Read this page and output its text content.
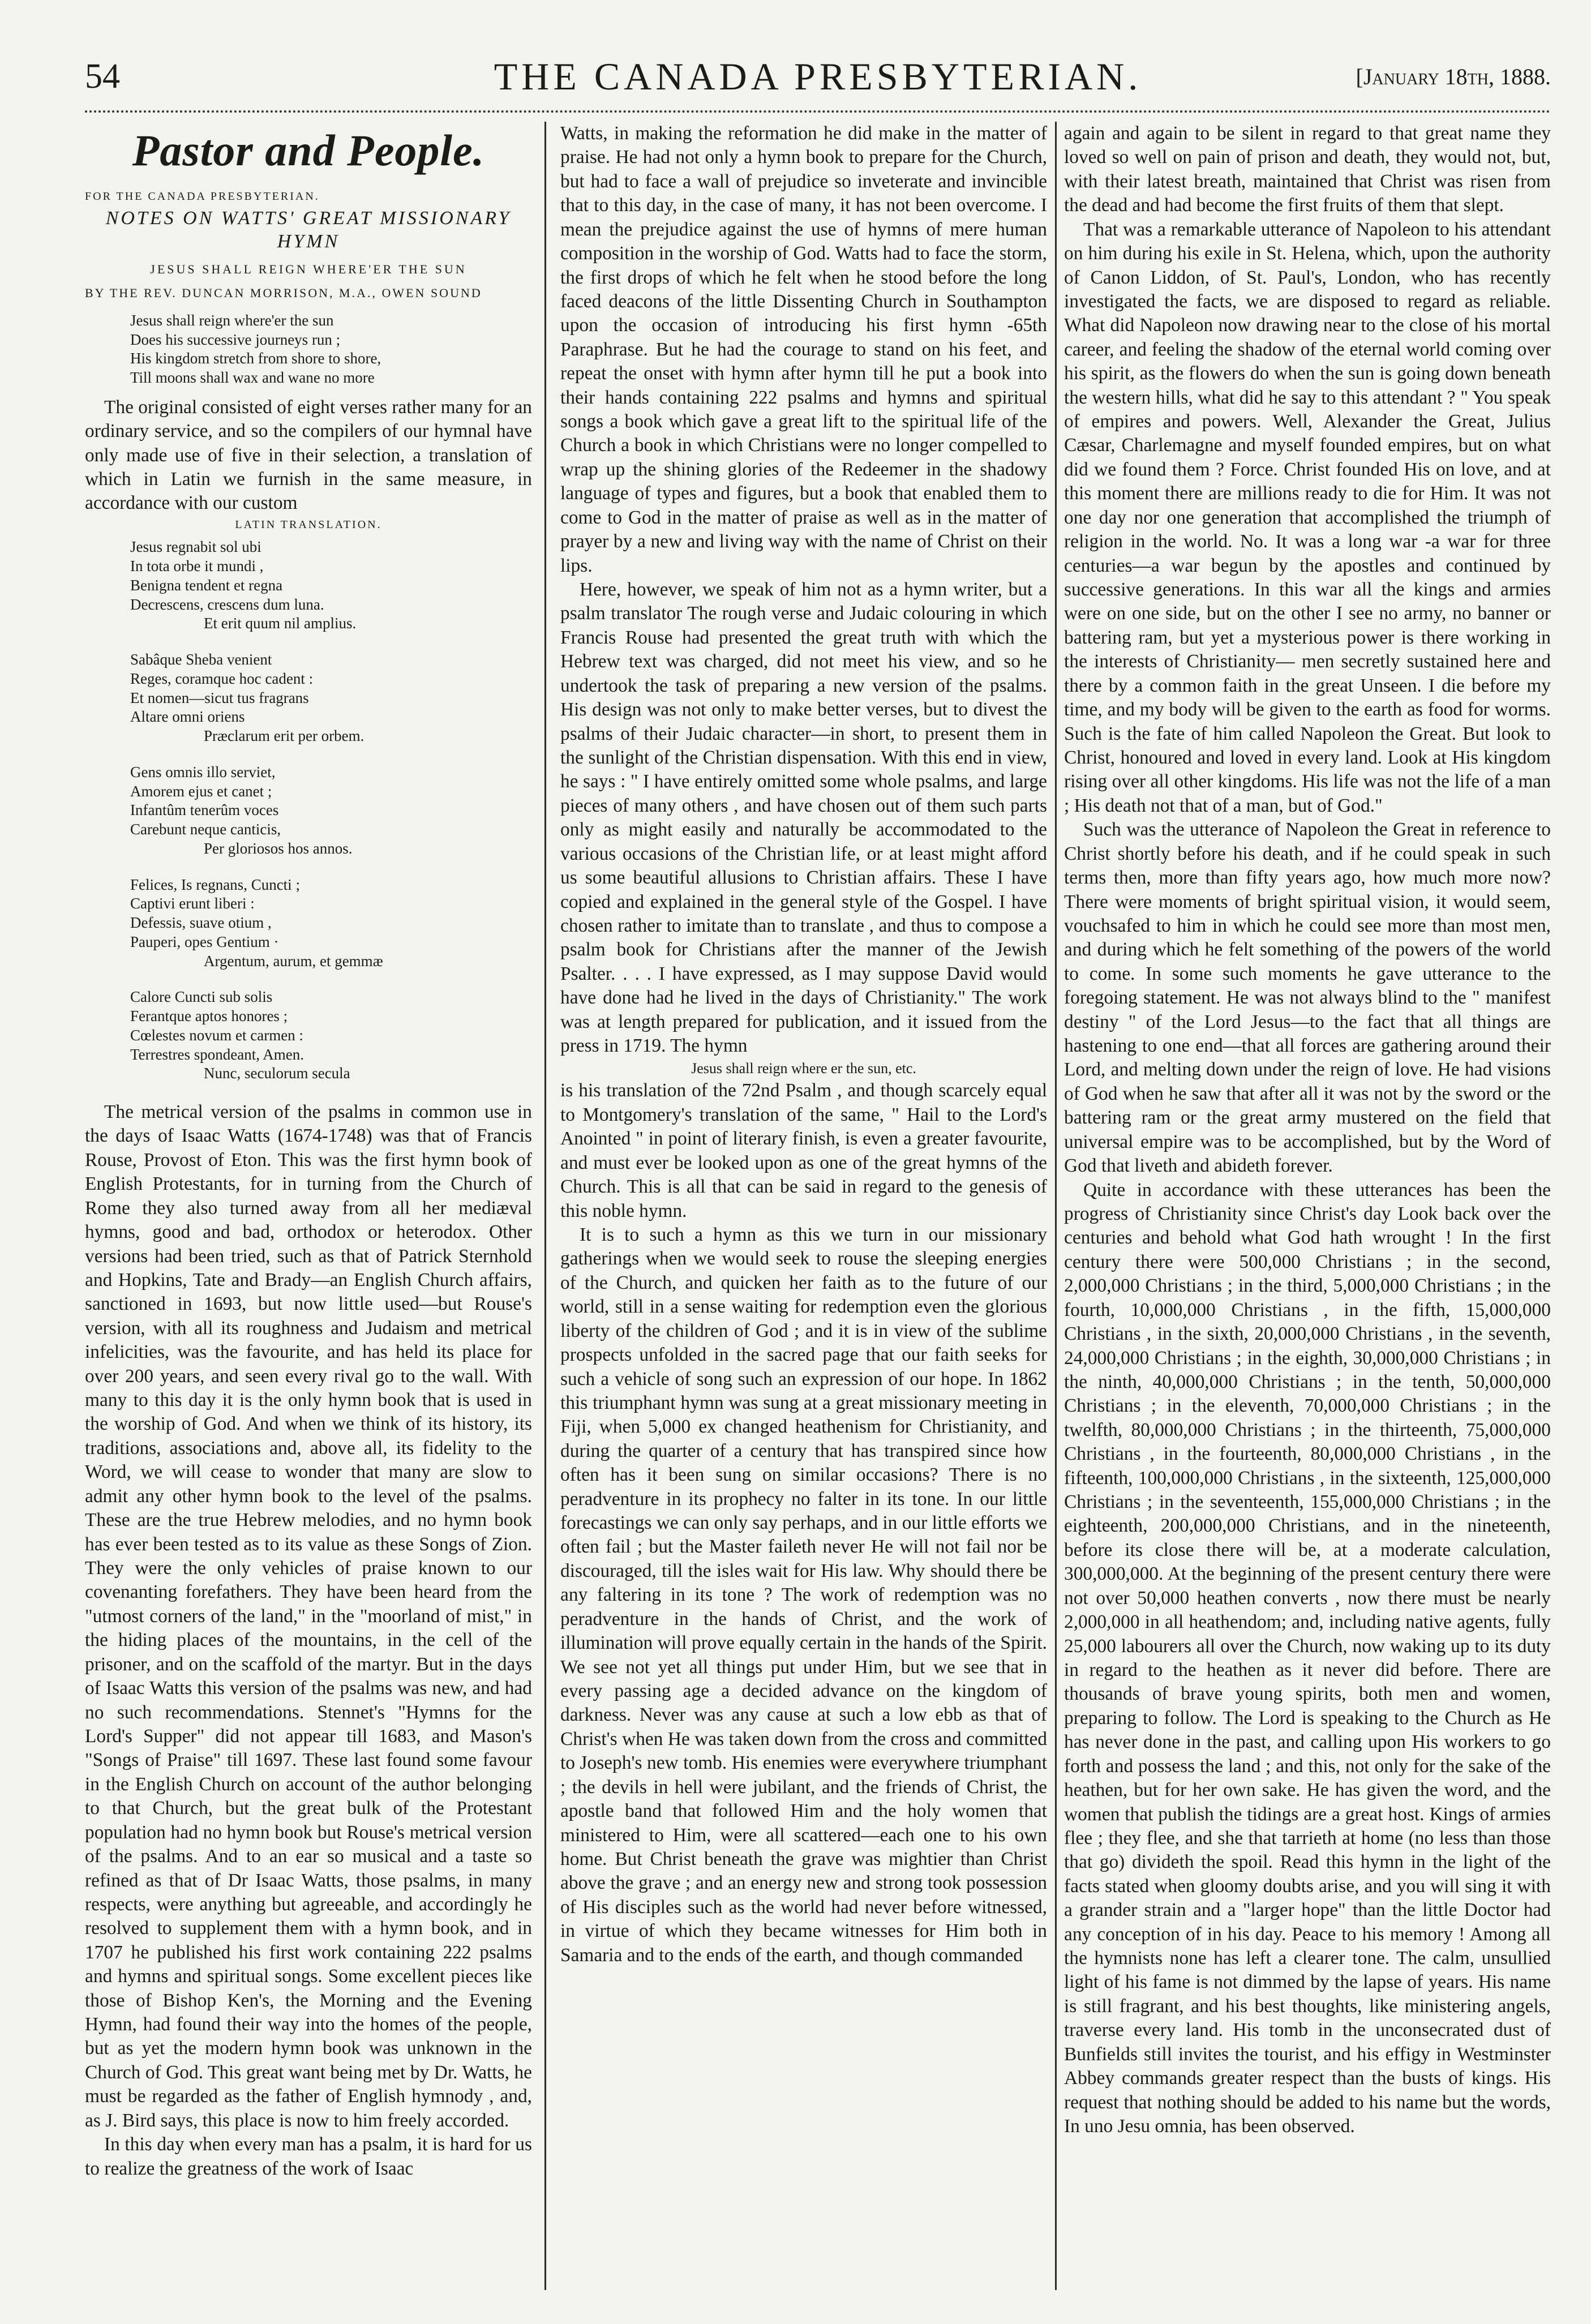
54	THE CANADA PRESBYTERIAN.	[January 18th, 1888.
Pastor and People.
FOR THE CANADA PRESBYTERIAN.
NOTES ON WATTS' GREAT MISSIONARY HYMN
JESUS SHALL REIGN WHERE'ER THE SUN
BY THE REV. DUNCAN MORRISON, M.A., OWEN SOUND
Jesus shall reign where'er the sun
Does his successive journeys run ;
His kingdom stretch from shore to shore,
Till moons shall wax and wane no more

The original consisted of eight verses rather many for an ordinary service, and so the compilers of our hymnal have only made use of five in their selection, a translation of which in Latin we furnish in the same measure, in accordance with our custom

LATIN TRANSLATION.
Jesus regnabit sol ubi
In tota orbe it mundi ,
Benigna tendent et regna
Decrescens, crescens dum luna.
Et erit quum nil amplius.
Sabâque Sheba venient
Reges, coramque hoc cadent :
Et nomen—sicut tus fragrans
Altare omni oriens
Præclarum erit per orbem.
Gens omnis illo serviet,
Amorem ejus et canet ;
Infantûm tenerûm voces
Carebunt neque canticis,
Per gloriosos hos annos.
Felices, Is regnans, Cuncti ;
Captivi erunt liberi :
Defessis, suave otium ,
Pauperi, opes Gentium ·
Argentum, aurum, et gemmæ
Calore Cuncti sub solis
Ferantque aptos honores ;
Cœlestes novum et carmen :
Terrestres spondeant, Amen.
Nunc, seculorum secula

The metrical version of the psalms in common use in the days of Isaac Watts (1674-1748) was that of Francis Rouse, Provost of Eton. This was the first hymn book of English Protestants, for in turning from the Church of Rome they also turned away from all her mediæval hymns, good and bad, orthodox or heterodox. Other versions had been tried, such as that of Patrick Sternhold and Hopkins, Tate and Brady—an English Church affairs, sanctioned in 1693, but now little used—but Rouse's version, with all its roughness and Judaism and metrical infelicities, was the favourite, and has held its place for over 200 years, and seen every rival go to the wall. With many to this day it is the only hymn book that is used in the worship of God. And when we think of its history, its traditions, associations and, above all, its fidelity to the Word, we will cease to wonder that many are slow to admit any other hymn book to the level of the psalms. These are the true Hebrew melodies, and no hymn book has ever been tested as to its value as these Songs of Zion. They were the only vehicles of praise known to our covenanting forefathers. They have been heard from the "utmost corners of the land," in the "moorland of mist," in the hiding places of the mountains, in the cell of the prisoner, and on the scaffold of the martyr. But in the days of Isaac Watts this version of the psalms was new, and had no such recommendations. Stennet's "Hymns for the Lord's Supper" did not appear till 1683, and Mason's "Songs of Praise" till 1697. These last found some favour in the English Church on account of the author belonging to that Church, but the great bulk of the Protestant population had no hymn book but Rouse's metrical version of the psalms. And to an ear so musical and a taste so refined as that of Dr Isaac Watts, those psalms, in many respects, were anything but agreeable, and accordingly he resolved to supplement them with a hymn book, and in 1707 he published his first work containing 222 psalms and hymns and spiritual songs. Some excellent pieces like those of Bishop Ken's, the Morning and the Evening Hymn, had found their way into the homes of the people, but as yet the modern hymn book was unknown in the Church of God. This great want being met by Dr. Watts, he must be regarded as the father of English hymnody , and, as J. Bird says, this place is now to him freely accorded.

In this day when every man has a psalm, it is hard for us to realize the greatness of the work of Isaac

Watts, in making the reformation he did make in the matter of praise. He had not only a hymn book to prepare for the Church, but had to face a wall of prejudice so inveterate and invincible that to this day, in the case of many, it has not been overcome. I mean the prejudice against the use of hymns of mere human composition in the worship of God. Watts had to face the storm, the first drops of which he felt when he stood before the long faced deacons of the little Dissenting Church in Southampton upon the occasion of introducing his first hymn -65th Paraphrase. But he had the courage to stand on his feet, and repeat the onset with hymn after hymn till he put a book into their hands containing 222 psalms and hymns and spiritual songs a book which gave a great lift to the spiritual life of the Church a book in which Christians were no longer compelled to wrap up the shining glories of the Redeemer in the shadowy language of types and figures, but a book that enabled them to come to God in the matter of praise as well as in the matter of prayer by a new and living way with the name of Christ on their lips.

Here, however, we speak of him not as a hymn writer, but a psalm translator The rough verse and Judaic colouring in which Francis Rouse had presented the great truth with which the Hebrew text was charged, did not meet his view, and so he undertook the task of preparing a new version of the psalms. His design was not only to make better verses, but to divest the psalms of their Judaic character—in short, to present them in the sunlight of the Christian dispensation. With this end in view, he says : " I have entirely omitted some whole psalms, and large pieces of many others , and have chosen out of them such parts only as might easily and naturally be accommodated to the various occasions of the Christian life, or at least might afford us some beautiful allusions to Christian affairs. These I have copied and explained in the general style of the Gospel. I have chosen rather to imitate than to translate , and thus to compose a psalm book for Christians after the manner of the Jewish Psalter. . . . I have expressed, as I may suppose David would have done had he lived in the days of Christianity." The work was at length prepared for publication, and it issued from the press in 1719. The hymn

Jesus shall reign where er the sun, etc.

is his translation of the 72nd Psalm , and though scarcely equal to Montgomery's translation of the same, " Hail to the Lord's Anointed " in point of literary finish, is even a greater favourite, and must ever be looked upon as one of the great hymns of the Church. This is all that can be said in regard to the genesis of this noble hymn.

It is to such a hymn as this we turn in our missionary gatherings when we would seek to rouse the sleeping energies of the Church, and quicken her faith as to the future of our world, still in a sense waiting for redemption even the glorious liberty of the children of God ; and it is in view of the sublime prospects unfolded in the sacred page that our faith seeks for such a vehicle of song such an expression of our hope. In 1862 this triumphant hymn was sung at a great missionary meeting in Fiji, when 5,000 ex changed heathenism for Christianity, and during the quarter of a century that has transpired since how often has it been sung on similar occasions? There is no peradventure in its prophecy no falter in its tone. In our little forecastings we can only say perhaps, and in our little efforts we often fail ; but the Master faileth never He will not fail nor be discouraged, till the isles wait for His law. Why should there be any faltering in its tone ? The work of redemption was no peradventure in the hands of Christ, and the work of illumination will prove equally certain in the hands of the Spirit. We see not yet all things put under Him, but we see that in every passing age a decided advance on the kingdom of darkness. Never was any cause at such a low ebb as that of Christ's when He was taken down from the cross and committed to Joseph's new tomb. His enemies were everywhere triumphant ; the devils in hell were jubilant, and the friends of Christ, the apostle band that followed Him and the holy women that ministered to Him, were all scattered—each one to his own home. But Christ beneath the grave was mightier than Christ above the grave ; and an energy new and strong took possession of His disciples such as the world had never before witnessed, in virtue of which they became witnesses for Him both in Samaria and to the ends of the earth, and though commanded

again and again to be silent in regard to that great name they loved so well on pain of prison and death, they would not, but, with their latest breath, maintained that Christ was risen from the dead and had become the first fruits of them that slept.

That was a remarkable utterance of Napoleon to his attendant on him during his exile in St. Helena, which, upon the authority of Canon Liddon, of St. Paul's, London, who has recently investigated the facts, we are disposed to regard as reliable. What did Napoleon now drawing near to the close of his mortal career, and feeling the shadow of the eternal world coming over his spirit, as the flowers do when the sun is going down beneath the western hills, what did he say to this attendant ? " You speak of empires and powers. Well, Alexander the Great, Julius Cæsar, Charlemagne and myself founded empires, but on what did we found them ? Force. Christ founded His on love, and at this moment there are millions ready to die for Him. It was not one day nor one generation that accomplished the triumph of religion in the world. No. It was a long war -a war for three centuries—a war begun by the apostles and continued by successive generations. In this war all the kings and armies were on one side, but on the other I see no army, no banner or battering ram, but yet a mysterious power is there working in the interests of Christianity— men secretly sustained here and there by a common faith in the great Unseen. I die before my time, and my body will be given to the earth as food for worms. Such is the fate of him called Napoleon the Great. But look to Christ, honoured and loved in every land. Look at His kingdom rising over all other kingdoms. His life was not the life of a man ; His death not that of a man, but of God."

Such was the utterance of Napoleon the Great in reference to Christ shortly before his death, and if he could speak in such terms then, more than fifty years ago, how much more now? There were moments of bright spiritual vision, it would seem, vouchsafed to him in which he could see more than most men, and during which he felt something of the powers of the world to come. In some such moments he gave utterance to the foregoing statement. He was not always blind to the " manifest destiny " of the Lord Jesus—to the fact that all things are hastening to one end—that all forces are gathering around their Lord, and melting down under the reign of love. He had visions of God when he saw that after all it was not by the sword or the battering ram or the great army mustered on the field that universal empire was to be accomplished, but by the Word of God that liveth and abideth forever.

Quite in accordance with these utterances has been the progress of Christianity since Christ's day Look back over the centuries and behold what God hath wrought ! In the first century there were 500,000 Christians ; in the second, 2,000,000 Christians ; in the third, 5,000,000 Christians ; in the fourth, 10,000,000 Christians , in the fifth, 15,000,000 Christians , in the sixth, 20,000,000 Christians , in the seventh, 24,000,000 Christians ; in the eighth, 30,000,000 Christians ; in the ninth, 40,000,000 Christians ; in the tenth, 50,000,000 Christians ; in the eleventh, 70,000,000 Christians ; in the twelfth, 80,000,000 Christians ; in the thirteenth, 75,000,000 Christians , in the fourteenth, 80,000,000 Christians , in the fifteenth, 100,000,000 Christians , in the sixteenth, 125,000,000 Christians ; in the seventeenth, 155,000,000 Christians ; in the eighteenth, 200,000,000 Christians, and in the nineteenth, before its close there will be, at a moderate calculation, 300,000,000. At the beginning of the present century there were not over 50,000 heathen converts , now there must be nearly 2,000,000 in all heathendom; and, including native agents, fully 25,000 labourers all over the Church, now waking up to its duty in regard to the heathen as it never did before. There are thousands of brave young spirits, both men and women, preparing to follow. The Lord is speaking to the Church as He has never done in the past, and calling upon His workers to go forth and possess the land ; and this, not only for the sake of the heathen, but for her own sake. He has given the word, and the women that publish the tidings are a great host. Kings of armies flee ; they flee, and she that tarrieth at home (no less than those that go) divideth the spoil. Read this hymn in the light of the facts stated when gloomy doubts arise, and you will sing it with a grander strain and a "larger hope" than the little Doctor had any conception of in his day. Peace to his memory ! Among all the hymnists none has left a clearer tone. The calm, unsullied light of his fame is not dimmed by the lapse of years. His name is still fragrant, and his best thoughts, like ministering angels, traverse every land. His tomb in the unconsecrated dust of Bunfields still invites the tourist, and his effigy in Westminster Abbey commands greater respect than the busts of kings. His request that nothing should be added to his name but the words, In uno Jesu omnia, has been observed.
